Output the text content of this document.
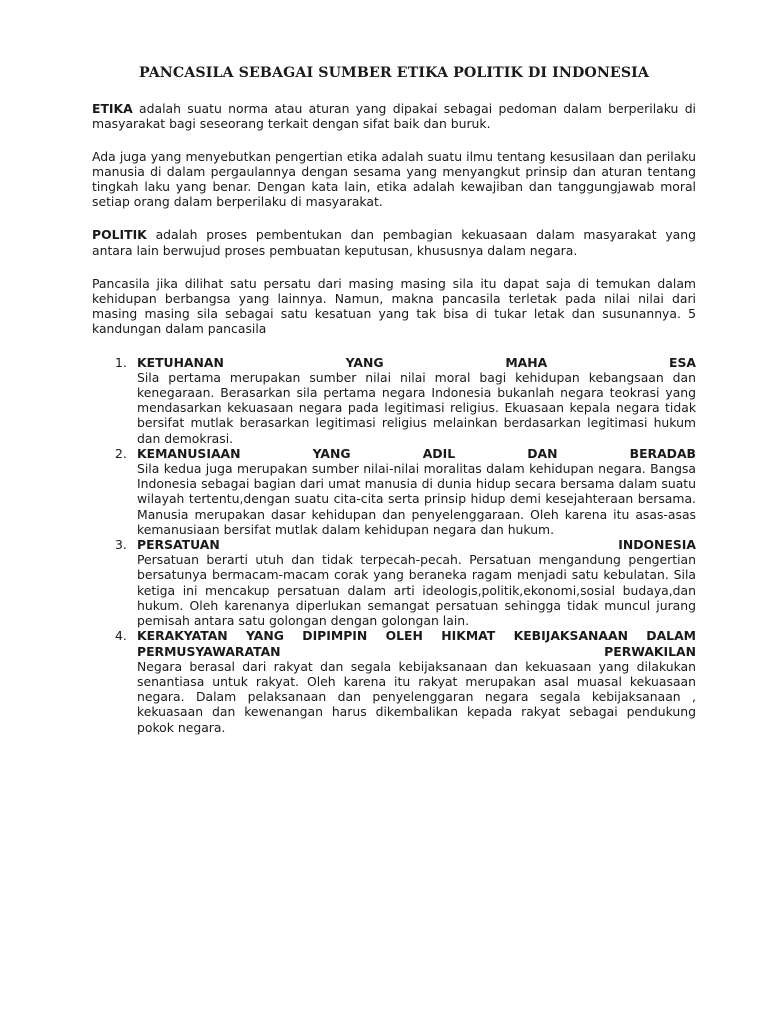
PANCASILA SEBAGAI SUMBER ETIKA POLITIK DI INDONESIA

ETIKA adalah suatu norma atau aturan yang dipakai sebagai pedoman dalam berperilaku di masyarakat bagi seseorang terkait dengan sifat baik dan buruk.

Ada juga yang menyebutkan pengertian etika adalah suatu ilmu tentang kesusilaan dan perilaku manusia di dalam pergaulannya dengan sesama yang menyangkut prinsip dan aturan tentang tingkah laku yang benar. Dengan kata lain, etika adalah kewajiban dan tanggungjawab moral setiap orang dalam berperilaku di masyarakat.

POLITIK adalah proses pembentukan dan pembagian kekuasaan dalam masyarakat yang antara lain berwujud proses pembuatan keputusan, khususnya dalam negara.

Pancasila jika dilihat satu persatu dari masing masing sila itu dapat saja di temukan dalam kehidupan berbangsa yang lainnya. Namun, makna pancasila terletak pada nilai nilai dari masing masing sila sebagai satu kesatuan yang tak bisa di tukar letak dan susunannya. 5 kandungan dalam pancasila

1. KETUHANAN YANG MAHA ESA
Sila pertama merupakan sumber nilai nilai moral bagi kehidupan kebangsaan dan kenegaraan. Berasarkan sila pertama negara Indonesia bukanlah negara teokrasi yang mendasarkan kekuasaan negara pada legitimasi religius. Ekuasaan kepala negara tidak bersifat mutlak berasarkan legitimasi religius melainkan berdasarkan legitimasi hukum dan demokrasi.
2. KEMANUSIAAN YANG ADIL DAN BERADAB
Sila kedua juga merupakan sumber nilai-nilai moralitas dalam kehidupan negara. Bangsa Indonesia sebagai bagian dari umat manusia di dunia hidup secara bersama dalam suatu wilayah tertentu,dengan suatu cita-cita serta prinsip hidup demi kesejahteraan bersama. Manusia merupakan dasar kehidupan dan penyelenggaraan. Oleh karena itu asas-asas kemanusiaan bersifat mutlak dalam kehidupan negara dan hukum.
3. PERSATUAN INDONESIA
Persatuan berarti utuh dan tidak terpecah-pecah. Persatuan mengandung pengertian bersatunya bermacam-macam corak yang beraneka ragam menjadi satu kebulatan. Sila ketiga ini mencakup persatuan dalam arti ideologis,politik,ekonomi,sosial budaya,dan hukum. Oleh karenanya diperlukan semangat persatuan sehingga tidak muncul jurang pemisah antara satu golongan dengan golongan lain.
4. KERAKYATAN YANG DIPIMPIN OLEH HIKMAT KEBIJAKSANAAN DALAM PERMUSYAWARATAN PERWAKILAN
Negara berasal dari rakyat dan segala kebijaksanaan dan kekuasaan yang dilakukan senantiasa untuk rakyat. Oleh karena itu rakyat merupakan asal muasal kekuasaan negara. Dalam pelaksanaan dan penyelenggaran negara segala kebijaksanaan , kekuasaan dan kewenangan harus dikembalikan kepada rakyat sebagai pendukung pokok negara.
